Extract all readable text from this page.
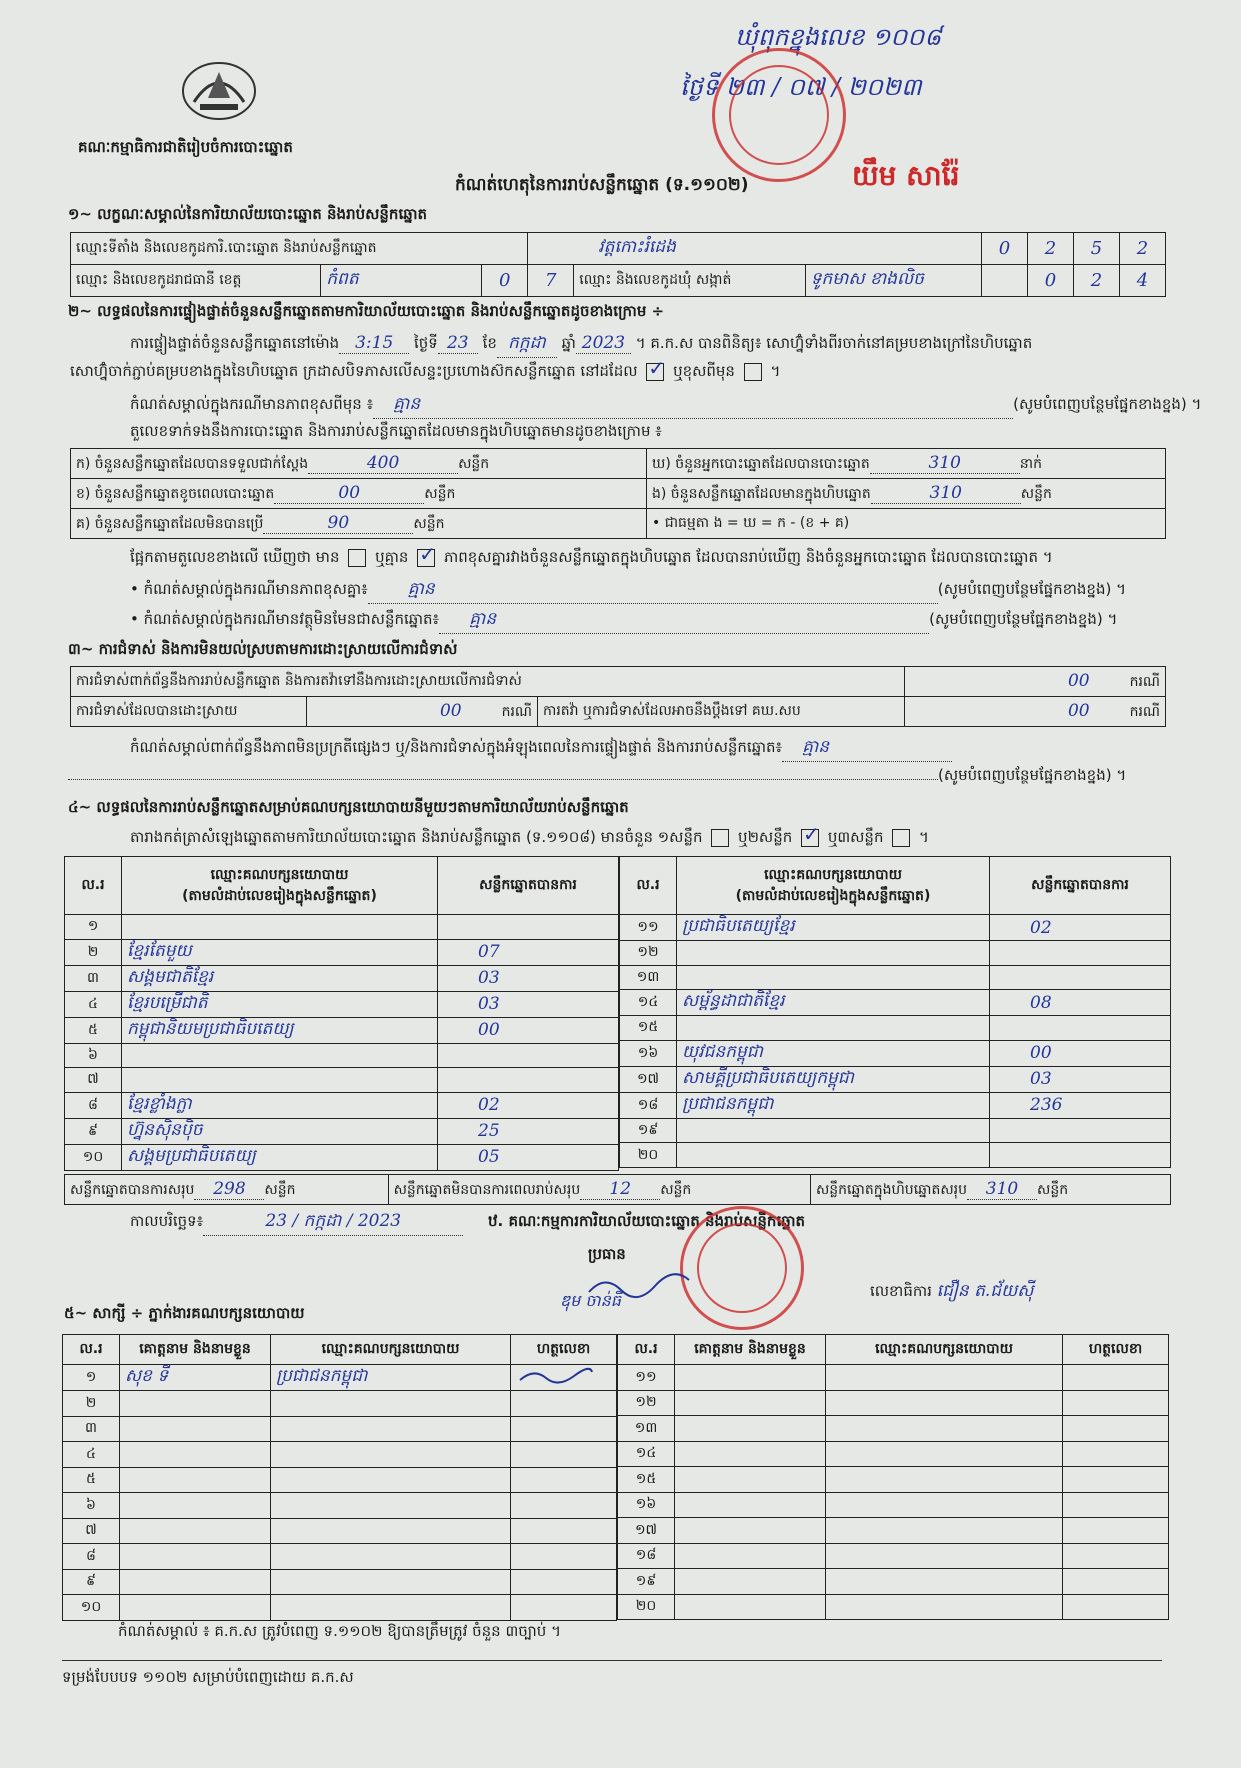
គណៈកម្មាធិការជាតិរៀបចំការបោះឆ្នោត
ឃុំពុកខ្នុងលេខ ១០០៨
ថ្ងៃទី ២៣ / ០៧ / ២០២៣
យឹម សារ៉ែ
កំណត់ហេតុនៃការរាប់សន្លឹកឆ្នោត (ទ.១១០២)
១~ លក្ខណៈសម្គាល់នៃការិយាល័យបោះឆ្នោត និងរាប់សន្លឹកឆ្នោត
ឈ្មោះទីតាំង និងលេខកូដការិ.បោះឆ្នោត និងរាប់សន្លឹកឆ្នោត			វត្តកោះរំដេង			0	2	5	2
ឈ្មោះ និងលេខកូដរាជធានី ខេត្ត	កំពត	0	7	ឈ្មោះ និងលេខកូដឃុំ សង្កាត់	ទូកមាស ខាងលិច		0	2	4
២~ លទ្ធផលនៃការផ្ទៀងផ្ទាត់ចំនួនសន្លឹកឆ្នោតតាមការិយាល័យបោះឆ្នោត និងរាប់សន្លឹកឆ្នោតដូចខាងក្រោម ÷
ការផ្ទៀងផ្ទាត់ចំនួនសន្លឹកឆ្នោតនៅម៉ោង 3:15 ថ្ងៃទី 23 ខែ កក្កដា ឆ្នាំ 2023 ។ គ.ក.ស បានពិនិត្យ៖ សោហ្វ៊ុំទាំងពីរចាក់នៅគម្របខាងក្រៅនៃហិបឆ្នោត
សោហ្វ៊ុំចាក់ភ្ជាប់គម្របខាងក្នុងនៃហិបឆ្នោត ក្រដាសបិទភាសលើសន្ទះប្រហោងស៊កសន្លឹកឆ្នោត នៅដដែល ✓ ឬខុសពីមុន  ។
កំណត់សម្គាល់ក្នុងករណីមានភាពខុសពីមុន ៖ គ្មាន	(សូមបំពេញបន្ថែមផ្នែកខាងខ្នង) ។
តួលេខទាក់ទងនឹងការបោះឆ្នោត និងការរាប់សន្លឹកឆ្នោតដែលមានក្នុងហិបឆ្នោតមានដូចខាងក្រោម ៖
ក) ចំនួនសន្លឹកឆ្នោតដែលបានទទួលជាក់ស្តែង 400 សន្លឹក	ឃ) ចំនួនអ្នកបោះឆ្នោតដែលបានបោះឆ្នោត 310 នាក់
ខ) ចំនួនសន្លឹកឆ្នោតខូចពេលបោះឆ្នោត 00 សន្លឹក	ង) ចំនួនសន្លឹកឆ្នោតដែលមានក្នុងហិបឆ្នោត 310 សន្លឹក
គ) ចំនួនសន្លឹកឆ្នោតដែលមិនបានប្រើ 90 សន្លឹក	• ជាធម្មតា ង = ឃ = ក - (ខ + គ)
ផ្អែកតាមតួលេខខាងលើ ឃើញថា មាន ឬគ្មាន ✓ ភាពខុសគ្នារវាងចំនួនសន្លឹកឆ្នោតក្នុងហិបឆ្នោត ដែលបានរាប់ឃើញ និងចំនួនអ្នកបោះឆ្នោត ដែលបានបោះឆ្នោត ។
• កំណត់សម្គាល់ក្នុងករណីមានភាពខុសគ្នា៖ គ្មាន	(សូមបំពេញបន្ថែមផ្នែកខាងខ្នង) ។
• កំណត់សម្គាល់ក្នុងករណីមានវត្ថុមិនមែនជាសន្លឹកឆ្នោត៖ គ្មាន	(សូមបំពេញបន្ថែមផ្នែកខាងខ្នង) ។
៣~ ការជំទាស់ និងការមិនយល់ស្របតាមការដោះស្រាយលើការជំទាស់
ការជំទាស់ពាក់ព័ន្ធនឹងការរាប់សន្លឹកឆ្នោត និងការតវ៉ាទៅនឹងការដោះស្រាយលើការជំទាស់			00 ករណី
ការជំទាស់ដែលបានដោះស្រាយ	00 ករណី	ការតវ៉ា ឬការជំទាស់ដែលអាចនឹងប្តឹងទៅ គឃ.សប	00 ករណី
កំណត់សម្គាល់ពាក់ព័ន្ធនឹងភាពមិនប្រក្រតីផ្សេងៗ ឬ/និងការជំទាស់ក្នុងអំឡុងពេលនៃការផ្ទៀងផ្ទាត់ និងការរាប់សន្លឹកឆ្នោត៖ គ្មាន
(សូមបំពេញបន្ថែមផ្នែកខាងខ្នង) ។
៤~ លទ្ធផលនៃការរាប់សន្លឹកឆ្នោតសម្រាប់គណបក្សនយោបាយនីមួយៗតាមការិយាល័យរាប់សន្លឹកឆ្នោត
តារាងកត់ត្រាសំឡេងឆ្នោតតាមការិយាល័យបោះឆ្នោត និងរាប់សន្លឹកឆ្នោត (ទ.១១០៨) មានចំនួន ១សន្លឹក ឬ២សន្លឹក ✓ ឬ៣សន្លឹក  ។
ល.រ	ឈ្មោះគណបក្សនយោបាយ
(តាមលំដាប់លេខរៀងក្នុងសន្លឹកឆ្នោត)	សន្លឹកឆ្នោតបានការ
១		
២	ខ្មែរតែមួយ	07
៣	សង្គមជាតិខ្មែរ	03
៤	ខ្មែរបម្រើជាតិ	03
៥	កម្ពុជានិយមប្រជាធិបតេយ្យ	00
៦		
៧		
៨	ខ្មែរខ្លាំងក្លា	02
៩	ហ្វ៊ុនស៊ិនប៉ិច	25
១០	សង្គមប្រជាធិបតេយ្យ	05
ល.រ	ឈ្មោះគណបក្សនយោបាយ
(តាមលំដាប់លេខរៀងក្នុងសន្លឹកឆ្នោត)	សន្លឹកឆ្នោតបានការ
១១	ប្រជាធិបតេយ្យខ្មែរ	02
១២		
១៣		
១៤	សម្ព័ន្ធដាជាតិខ្មែរ	08
១៥		
១៦	យុវជនកម្ពុជា	00
១៧	សាមគ្គីប្រជាធិបតេយ្យកម្ពុជា	03
១៨	ប្រជាជនកម្ពុជា	236
១៩		
២០		
សន្លឹកឆ្នោតបានការសរុប 298 សន្លឹក	សន្លឹកឆ្នោតមិនបានការពេលរាប់សរុប 12 សន្លឹក	សន្លឹកឆ្នោតក្នុងហិបឆ្នោតសរុប 310 សន្លឹក
កាលបរិច្ឆេទ៖	23 / កក្កដា / 2023	ឋ. គណៈកម្មការការិយាល័យបោះឆ្នោត និងរាប់សន្លឹកឆ្នោត
ប្រធាន
ឌុម ចាន់ធី	លេខាធិការ ជឿន ត.ជ័យស៊ី
៥~ សាក្សី ÷ ភ្នាក់ងារគណបក្សនយោបាយ
ល.រ	គោត្តនាម និងនាមខ្លួន	ឈ្មោះគណបក្សនយោបាយ	ហត្ថលេខា
១	សុខ ទី	ប្រជាជនកម្ពុជា	
២			
៣			
៤			
៥			
៦			
៧			
៨			
៩			
១០			
ល.រ	គោត្តនាម និងនាមខ្លួន	ឈ្មោះគណបក្សនយោបាយ	ហត្ថលេខា
១១			
១២			
១៣			
១៤			
១៥			
១៦			
១៧			
១៨			
១៩			
២០			
កំណត់សម្គាល់ ៖ គ.ក.ស ត្រូវបំពេញ ទ.១១០២ ឱ្យបានត្រឹមត្រូវ ចំនួន ៣ច្បាប់ ។
ទម្រង់បែបបទ ១១០២ សម្រាប់បំពេញដោយ គ.ក.ស
